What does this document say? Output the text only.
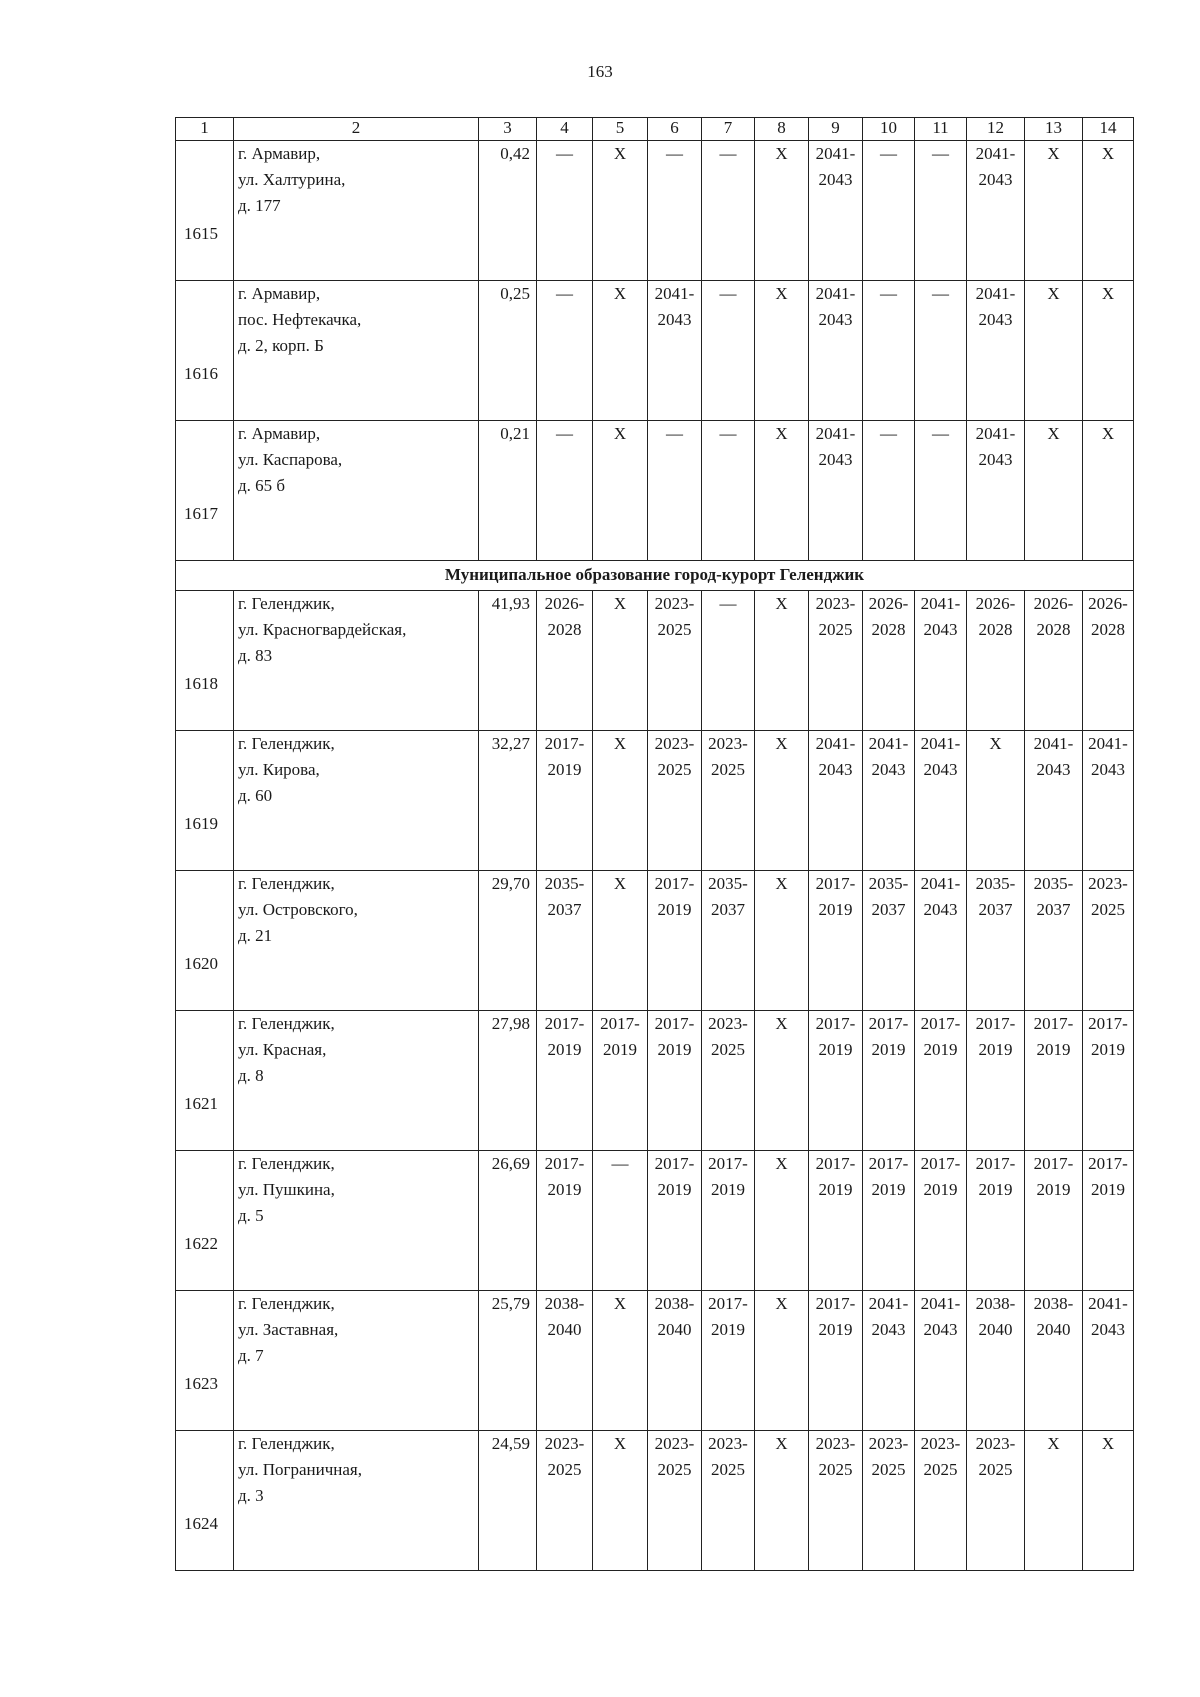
163
1	2	3	4	5	6	7	8	9	10	11	12	13	14
1615	г. Армавир,
ул. Халтурина,
д. 177	0,42	—	Х	—	—	Х	2041-
2043	—	—	2041-
2043	Х	Х
1616	г. Армавир,
пос. Нефтекачка,
д. 2, корп. Б	0,25	—	Х	2041-
2043	—	Х	2041-
2043	—	—	2041-
2043	Х	Х
1617	г. Армавир,
ул. Каспарова,
д. 65 б	0,21	—	Х	—	—	Х	2041-
2043	—	—	2041-
2043	Х	Х
Муниципальное образование город-курорт Геленджик													
1618	г. Геленджик,
ул. Красногвардейская,
д. 83	41,93	2026-
2028	Х	2023-
2025	—	Х	2023-
2025	2026-
2028	2041-
2043	2026-
2028	2026-
2028	2026-
2028
1619	г. Геленджик,
ул. Кирова,
д. 60	32,27	2017-
2019	Х	2023-
2025	2023-
2025	Х	2041-
2043	2041-
2043	2041-
2043	Х	2041-
2043	2041-
2043
1620	г. Геленджик,
ул. Островского,
д. 21	29,70	2035-
2037	Х	2017-
2019	2035-
2037	Х	2017-
2019	2035-
2037	2041-
2043	2035-
2037	2035-
2037	2023-
2025
1621	г. Геленджик,
ул. Красная,
д. 8	27,98	2017-
2019	2017-
2019	2017-
2019	2023-
2025	Х	2017-
2019	2017-
2019	2017-
2019	2017-
2019	2017-
2019	2017-
2019
1622	г. Геленджик,
ул. Пушкина,
д. 5	26,69	2017-
2019	—	2017-
2019	2017-
2019	Х	2017-
2019	2017-
2019	2017-
2019	2017-
2019	2017-
2019	2017-
2019
1623	г. Геленджик,
ул. Заставная,
д. 7	25,79	2038-
2040	Х	2038-
2040	2017-
2019	Х	2017-
2019	2041-
2043	2041-
2043	2038-
2040	2038-
2040	2041-
2043
1624	г. Геленджик,
ул. Пограничная,
д. 3	24,59	2023-
2025	Х	2023-
2025	2023-
2025	Х	2023-
2025	2023-
2025	2023-
2025	2023-
2025	Х	Х
